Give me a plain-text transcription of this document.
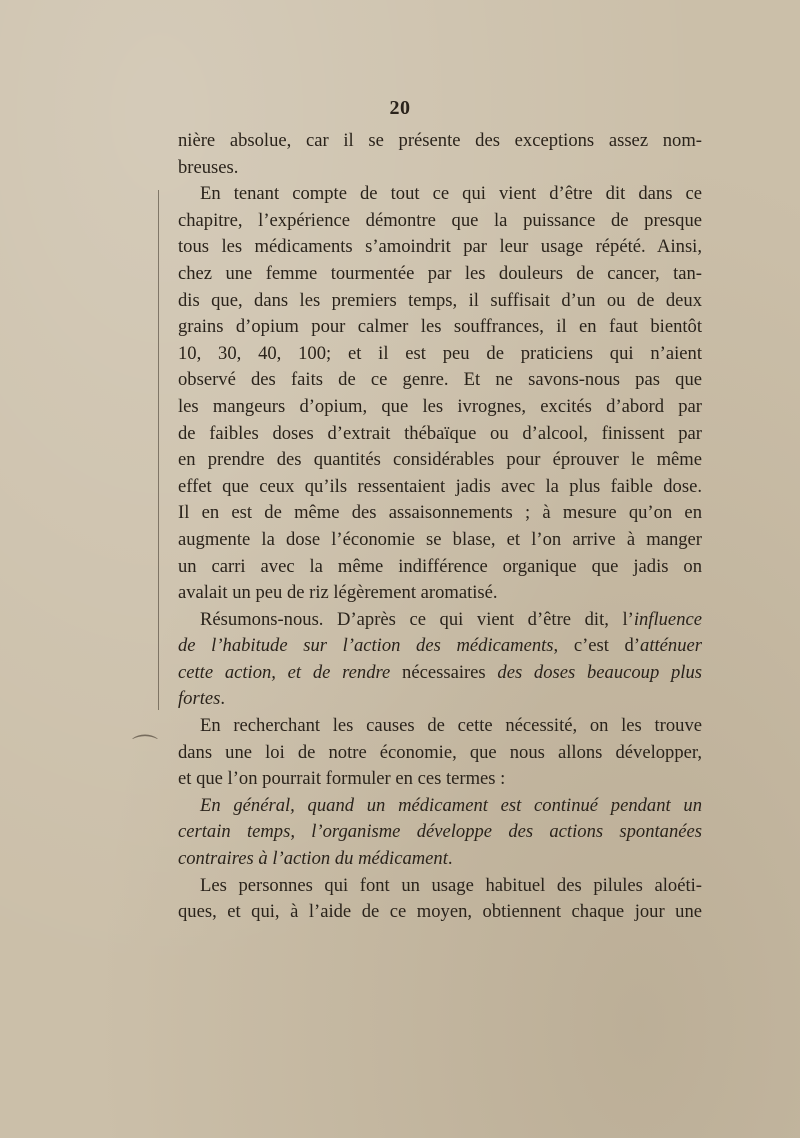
20
nière absolue, car il se présente des exceptions assez nom-
breuses.
En tenant compte de tout ce qui vient d’être dit dans ce
chapitre, l’expérience démontre que la puissance de presque
tous les médicaments s’amoindrit par leur usage répété. Ainsi,
chez une femme tourmentée par les douleurs de cancer, tan-
dis que, dans les premiers temps, il suffisait d’un ou de deux
grains d’opium pour calmer les souffrances, il en faut bientôt
10, 30, 40, 100; et il est peu de praticiens qui n’aient
observé des faits de ce genre. Et ne savons-nous pas que
les mangeurs d’opium, que les ivrognes, excités d’abord par
de faibles doses d’extrait thébaïque ou d’alcool, finissent par
en prendre des quantités considérables pour éprouver le même
effet que ceux qu’ils ressentaient jadis avec la plus faible dose.
Il en est de même des assaisonnements ; à mesure qu’on en
augmente la dose l’économie se blase, et l’on arrive à manger
un carri avec la même indifférence organique que jadis on
avalait un peu de riz légèrement aromatisé.
Résumons-nous. D’après ce qui vient d’être dit, l’influence
de l’habitude sur l’action des médicaments, c’est d’atténuer
cette action, et de rendre nécessaires des doses beaucoup plus
fortes.
En recherchant les causes de cette nécessité, on les trouve
dans une loi de notre économie, que nous allons développer,
et que l’on pourrait formuler en ces termes :
En général, quand un médicament est continué pendant un
certain temps, l’organisme développe des actions spontanées
contraires à l’action du médicament.
Les personnes qui font un usage habituel des pilules aloéti-
ques, et qui, à l’aide de ce moyen, obtiennent chaque jour une
⌒
